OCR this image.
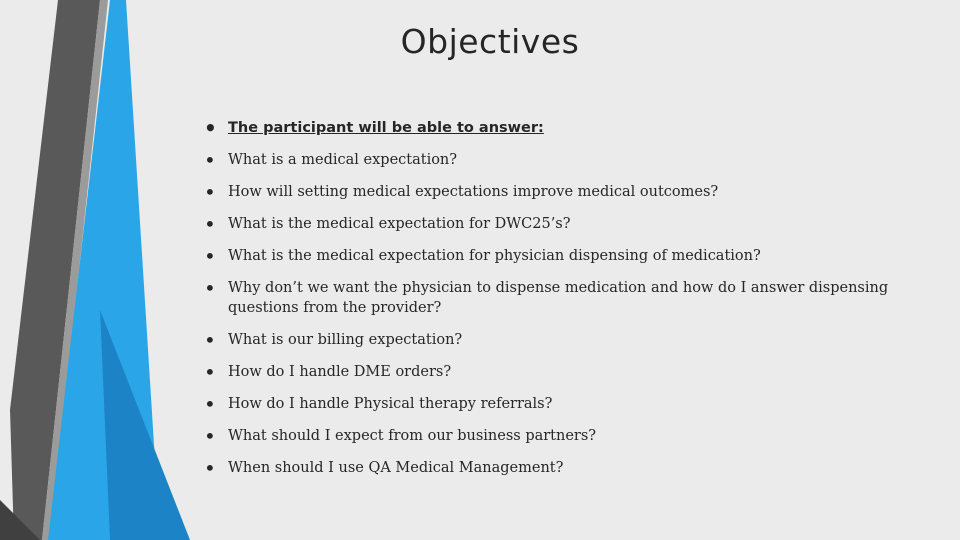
Objectives
• The participant will be able to answer:
• What is a medical expectation?
• How will setting medical expectations improve medical outcomes?
• What is the medical expectation for DWC25’s?
• What is the medical expectation for physician dispensing of medication?
• Why don’t we want the physician to dispense medication and how do I answer dispensing questions from the provider?
• What is our billing expectation?
• How do I handle DME orders?
• How do I handle Physical therapy referrals?
• What should I expect from our business partners?
• When should I use QA Medical Management?
